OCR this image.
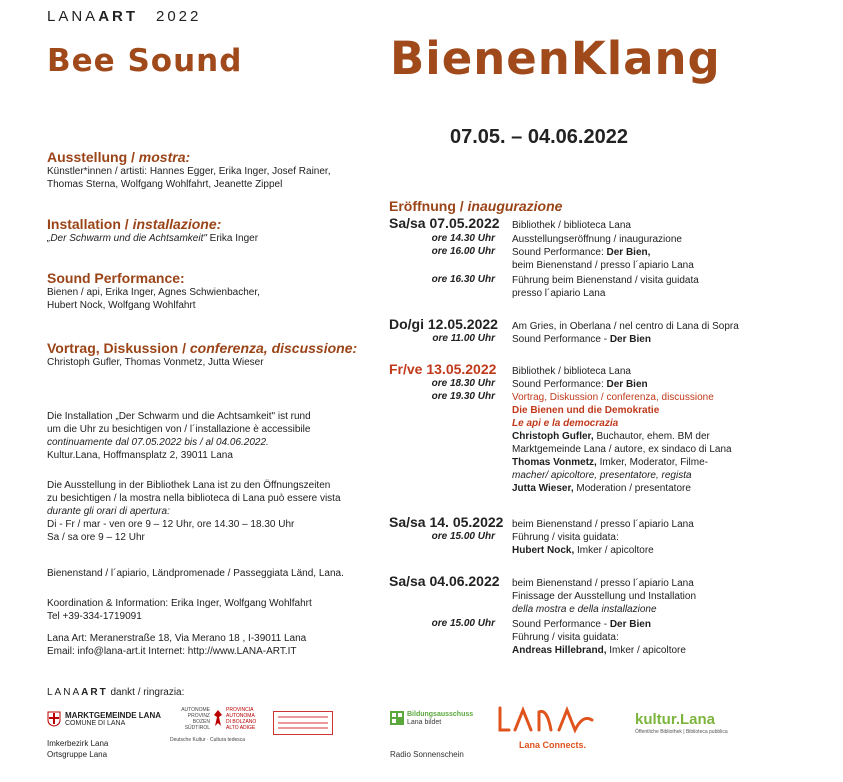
LANAART 2022
Bee Sound	BienenKlang
07.05. – 04.06.2022
Ausstellung / mostra:
Künstler*innen / artisti: Hannes Egger, Erika Inger, Josef Rainer,
Thomas Sterna, Wolfgang Wohlfahrt, Jeanette Zippel
Installation / installazione:
„Der Schwarm und die Achtsamkeit" Erika Inger
Sound Performance:
Bienen / api, Erika Inger, Agnes Schwienbacher,
Hubert Nock, Wolfgang Wohlfahrt
Vortrag, Diskussion / conferenza, discussione:
Christoph Gufler, Thomas Vonmetz, Jutta Wieser
Die Installation „Der Schwarm und die Achtsamkeit" ist rund
um die Uhr zu besichtigen von / l´installazione è accessibile
continuamente dal 07.05.2022 bis / al 04.06.2022.
Kultur.Lana, Hoffmansplatz 2, 39011 Lana
Die Ausstellung in der Bibliothek Lana ist zu den Öffnungszeiten
zu besichtigen / la mostra nella biblioteca di Lana può essere vista
durante gli orari di apertura:
Di - Fr / mar - ven ore 9 – 12 Uhr, ore 14.30 – 18.30 Uhr
Sa / sa ore 9 – 12 Uhr
Bienenstand / l´apiario, Ländpromenade / Passeggiata Länd, Lana.
Koordination & Information: Erika Inger, Wolfgang Wohlfahrt
Tel +39-334-1719091
Lana Art: Meranerstraße 18, Via Merano 18 , I-39011 Lana
Email: info@lana-art.it Internet: http://www.LANA-ART.IT
Eröffnung / inaugurazione
Sa/sa 07.05.2022 Bibliothek / biblioteca Lana
ore 14.30 Uhr Ausstellungseröffnung / inaugurazione
ore 16.00 Uhr Sound Performance: Der Bien,
beim Bienenstand / presso l´apiario Lana
ore 16.30 Uhr Führung beim Bienenstand / visita guidata
presso l´apiario Lana
Do/gi 12.05.2022 Am Gries, in Oberlana / nel centro di Lana di Sopra
ore 11.00 Uhr Sound Performance - Der Bien
Fr/ve 13.05.2022 Bibliothek / biblioteca Lana
ore 18.30 Uhr Sound Performance: Der Bien
ore 19.30 Uhr Vortrag, Diskussion / conferenza, discussione
Die Bienen und die Demokratie
Le api e la democrazia
Christoph Gufler, Buchautor, ehem. BM der
Marktgemeinde Lana / autore, ex sindaco di Lana
Thomas Vonmetz, Imker, Moderator, Filme-
macher/ apicoltore, presentatore, regista
Jutta Wieser, Moderation / presentatore
Sa/sa 14. 05.2022 beim Bienenstand / presso l´apiario Lana
ore 15.00 Uhr Führung / visita guidata:
Hubert Nock, Imker / apicoltore
Sa/sa 04.06.2022 beim Bienenstand / presso l´apiario Lana
Finissage der Ausstellung und Installation
della mostra e della installazione
ore 15.00 Uhr Sound Performance - Der Bien
Führung / visita guidata:
Andreas Hillebrand, Imker / apicoltore
LANAART dankt / ringrazia:
MARKTGEMEINDE LANA
COMUNE DI LANA
AUTONOME
PROVINZ
BOZEN
SÜDTIROL
PROVINCIA
AUTONOMA
DI BOLZANO
ALTO ADIGE
Deutsche Kultur · Cultura tedesca
Imkerbezirk Lana
Ortsgruppe Lana
Bildungsausschuss
Lana bildet
Radio Sonnenschein
Lana Connects.
kultur.Lana
Öffentliche Bibliothek | Biblioteca pubblica
